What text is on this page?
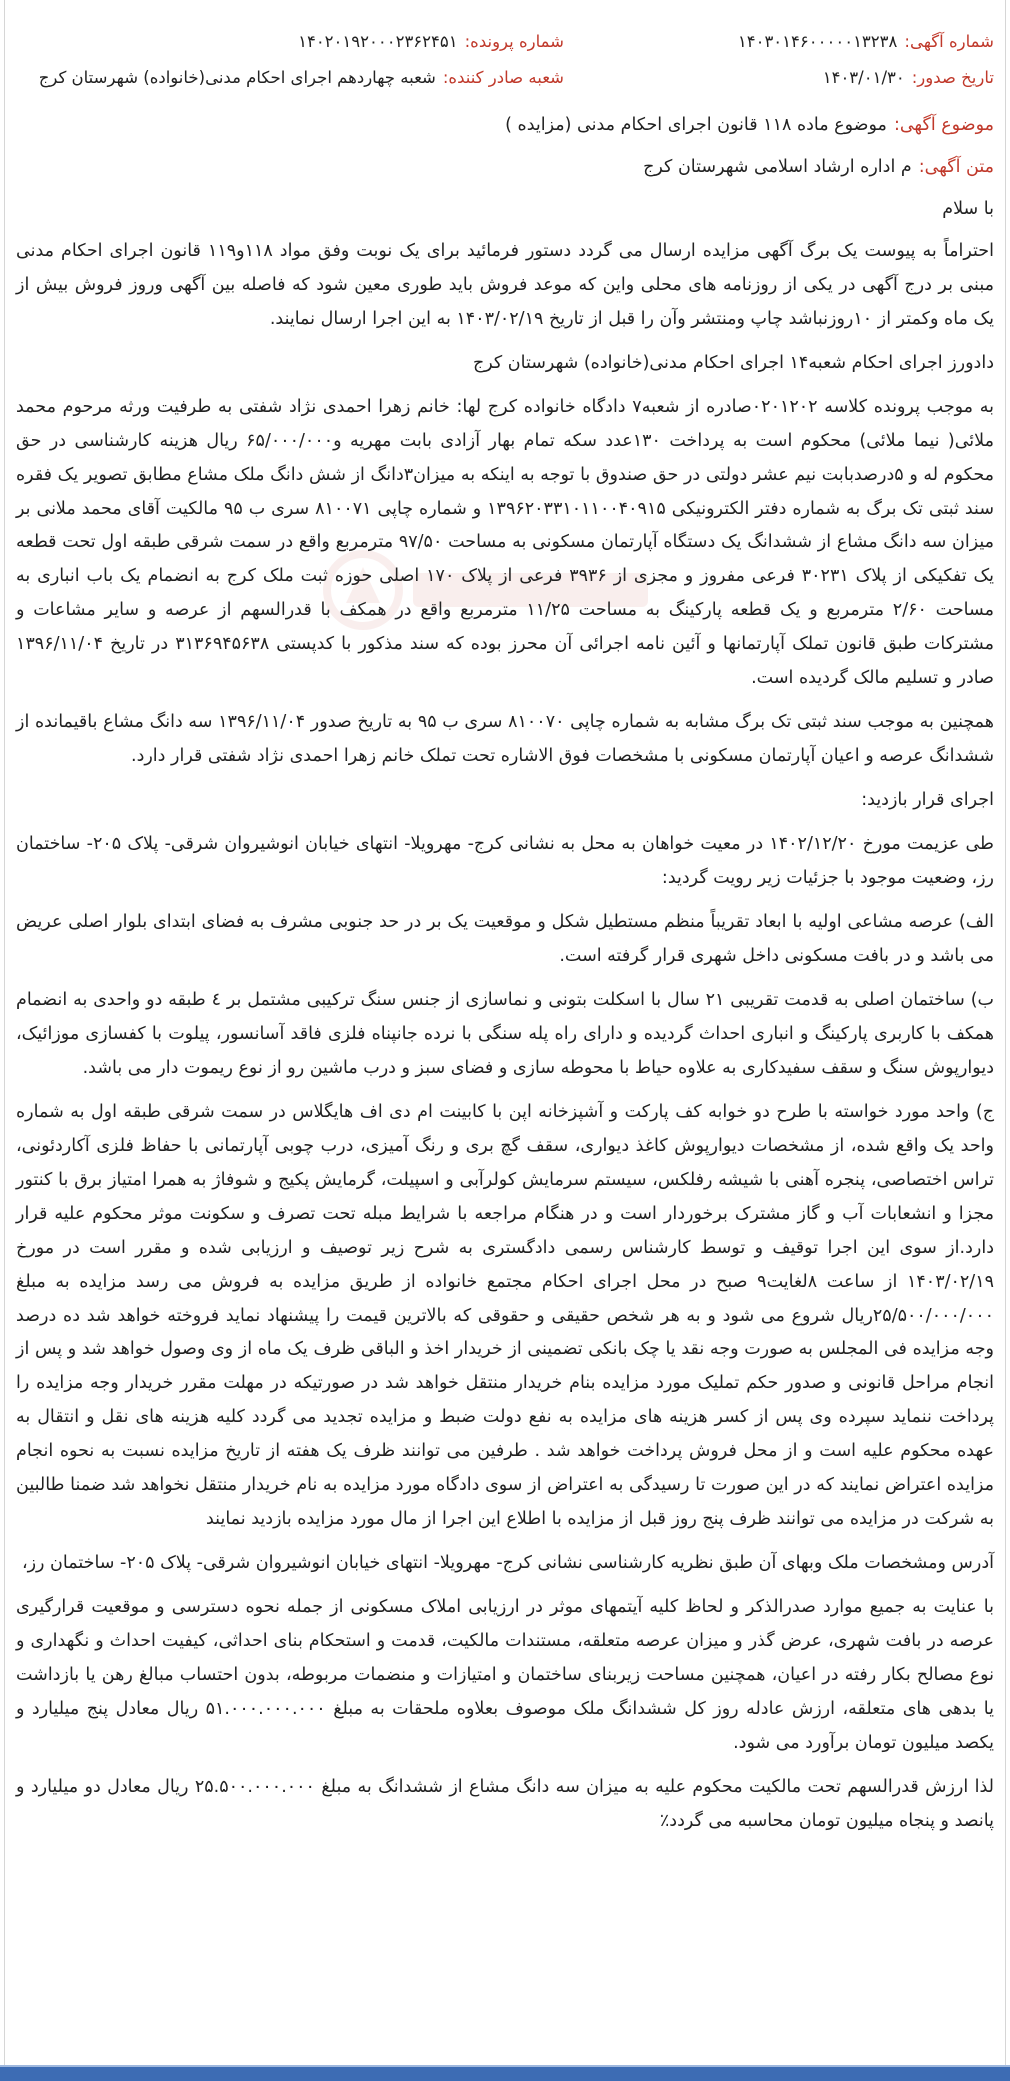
شماره آگهی:۱۴۰۳۰۱۴۶۰۰۰۰۰۱۳۲۳۸
شماره پرونده:۱۴۰۲۰۱۹۲۰۰۰۲۳۶۲۴۵۱
تاریخ صدور:۱۴۰۳/۰۱/۳۰
شعبه صادر کننده:شعبه چهاردهم اجرای احکام مدنی(خانواده) شهرستان کرج

موضوع آگهی:موضوع ماده ۱۱۸ قانون اجرای احکام مدنی (مزایده )

متن آگهی:م اداره ارشاد اسلامی شهرستان کرج

با سلام

احتراماً به پیوست یک برگ آگهی مزایده ارسال می گردد دستور فرمائید برای یک نوبت وفق مواد ۱۱۸و۱۱۹ قانون اجرای احکام مدنی مبنی بر درج آگهی در یکی از روزنامه های محلی واین که موعد فروش باید طوری معین شود که فاصله بین آگهی وروز فروش بیش از یک ماه وکمتر از ۱۰روزنباشد چاپ ومنتشر وآن را قبل از تاریخ ۱۴۰۳/۰۲/۱۹ به این اجرا ارسال نمایند.

دادورز اجرای احکام شعبه۱۴ اجرای احکام مدنی(خانواده) شهرستان کرج

به موجب پرونده کلاسه ۰۲۰۱۲۰۲صادره از شعبه۷ دادگاه خانواده کرج لها: خانم زهرا احمدی نژاد شفتی به طرفیت ورثه مرحوم محمد ملائی( نیما ملائی) محکوم است به پرداخت ۱۳۰عدد سکه تمام بهار آزادی بابت مهریه و۶۵/۰۰۰/۰۰۰ ریال هزینه کارشناسی در حق محکوم له و ۵درصدبابت نیم عشر دولتی در حق صندوق با توجه به اینکه به میزان۳دانگ از شش دانگ ملک مشاع مطابق تصویر یک فقره سند ثبتی تک برگ به شماره دفتر الکترونیکی ۱۳۹۶۲۰۳۳۱۰۱۱۰۰۴۰۹۱۵ و شماره چاپی ۸۱۰۰۷۱ سری ب ۹۵ مالکیت آقای محمد ملانی بر میزان سه دانگ مشاع از ششدانگ یک دستگاه آپارتمان مسکونی به مساحت ۹۷/۵۰ مترمربع واقع در سمت شرقی طبقه اول تحت قطعه یک تفکیکی از پلاک ۳۰۲۳۱ فرعی مفروز و مجزی از ۳۹۳۶ فرعی از پلاک ۱۷۰ اصلی حوزه ثبت ملک کرج به انضمام یک باب انباری به مساحت ۲/۶۰ مترمربع و یک قطعه پارکینگ به مساحت ۱۱/۲۵ مترمربع واقع در همکف با قدرالسهم از عرصه و سایر مشاعات و مشترکات طبق قانون تملک آپارتمانها و آئین نامه اجرائی آن محرز بوده که سند مذکور با کدپستی ۳۱۳۶۹۴۵۶۳۸ در تاریخ ۱۳۹۶/۱۱/۰۴ صادر و تسلیم مالک گردیده است.

همچنین به موجب سند ثبتی تک برگ مشابه به شماره چاپی ۸۱۰۰۷۰ سری ب ۹۵ به تاریخ صدور ۱۳۹۶/۱۱/۰۴ سه دانگ مشاع باقیمانده از ششدانگ عرصه و اعیان آپارتمان مسکونی با مشخصات فوق الاشاره تحت تملک خانم زهرا احمدی نژاد شفتی قرار دارد.

اجرای قرار بازدید:

طی عزیمت مورخ ۱۴۰۲/۱۲/۲۰ در معیت خواهان به محل به نشانی کرج- مهرویلا- انتهای خیابان انوشیروان شرقی- پلاک ۲۰۵- ساختمان رز، وضعیت موجود با جزئیات زیر رویت گردید:

الف) عرصه مشاعی اولیه با ابعاد تقریباً منظم مستطیل شکل و موقعیت یک بر در حد جنوبی مشرف به فضای ابتدای بلوار اصلی عریض می باشد و در بافت مسکونی داخل شهری قرار گرفته است.

ب) ساختمان اصلی به قدمت تقریبی ۲۱ سال با اسکلت بتونی و نماسازی از جنس سنگ ترکیبی مشتمل بر ٤ طبقه دو واحدی به انضمام همکف با کاربری پارکینگ و انباری احداث گردیده و دارای راه پله سنگی با نرده جانپناه فلزی فاقد آسانسور، پیلوت با کفسازی موزائیک، دیوارپوش سنگ و سقف سفیدکاری به علاوه حیاط با محوطه سازی و فضای سبز و درب ماشین رو از نوع ریموت دار می باشد.

ج) واحد مورد خواسته با طرح دو خوابه کف پارکت و آشپزخانه اپن با کابینت ام دی اف هایگلاس در سمت شرقی طبقه اول به شماره واحد یک واقع شده، از مشخصات دیوارپوش کاغذ دیواری، سقف گچ بری و رنگ آمیزی، درب چوبی آپارتمانی با حفاظ فلزی آکاردئونی، تراس اختصاصی، پنجره آهنی با شیشه رفلکس، سیستم سرمایش کولرآبی و اسپیلت، گرمایش پکیج و شوفاژ به همرا امتیاز برق با کنتور مجزا و انشعابات آب و گاز مشترک برخوردار است و در هنگام مراجعه با شرایط مبله تحت تصرف و سکونت موثر محکوم علیه قرار دارد.از سوی این اجرا توقیف و توسط کارشناس رسمی دادگستری به شرح زیر توصیف و ارزیابی شده و مقرر است در مورخ ۱۴۰۳/۰۲/۱۹ از ساعت ۸لغایت۹ صبح در محل اجرای احکام مجتمع خانواده از طریق مزایده به فروش می رسد مزایده به مبلغ ۲۵/۵۰۰/۰۰۰/۰۰۰ریال شروع می شود و به هر شخص حقیقی و حقوقی که بالاترین قیمت را پیشنهاد نماید فروخته خواهد شد ده درصد وجه مزایده فی المجلس به صورت وجه نقد یا چک بانکی تضمینی از خریدار اخذ و الباقی ظرف یک ماه از وی وصول خواهد شد و پس از انجام مراحل قانونی و صدور حکم تملیک مورد مزایده بنام خریدار منتقل خواهد شد در صورتیکه در مهلت مقرر خریدار وجه مزایده را پرداخت ننماید سپرده وی پس از کسر هزینه های مزایده به نفع دولت ضبط و مزایده تجدید می گردد کلیه هزینه های نقل و انتقال به عهده محکوم علیه است و از محل فروش پرداخت خواهد شد . طرفین می توانند ظرف یک هفته از تاریخ مزایده نسبت به نحوه انجام مزایده اعتراض نمایند که در این صورت تا رسیدگی به اعتراض از سوی دادگاه مورد مزایده به نام خریدار منتقل نخواهد شد ضمنا طالبین به شرکت در مزایده می توانند ظرف پنج روز قبل از مزایده با اطلاع این اجرا از مال مورد مزایده بازدید نمایند

آدرس ومشخصات ملک وبهای آن طبق نظریه کارشناسی نشانی کرج- مهرویلا- انتهای خیابان انوشیروان شرقی- پلاک ۲۰۵- ساختمان رز،

با عنایت به جمیع موارد صدرالذکر و لحاظ کلیه آیتمهای موثر در ارزیابی املاک مسکونی از جمله نحوه دسترسی و موقعیت قرارگیری عرصه در بافت شهری، عرض گذر و میزان عرصه متعلقه، مستندات مالکیت، قدمت و استحکام بنای احداثی، کیفیت احداث و نگهداری و نوع مصالح بکار رفته در اعیان، همچنین مساحت زیربنای ساختمان و امتیازات و منضمات مربوطه، بدون احتساب مبالغ رهن یا بازداشت یا بدهی های متعلقه، ارزش عادله روز کل ششدانگ ملک موصوف بعلاوه ملحقات به مبلغ ۵۱.۰۰۰.۰۰۰.۰۰۰ ریال معادل پنج میلیارد و یکصد میلیون تومان برآورد می شود.

لذا ارزش قدرالسهم تحت مالکیت محکوم علیه به میزان سه دانگ مشاع از ششدانگ به مبلغ ۲۵.۵۰۰.۰۰۰.۰۰۰ ریال معادل دو میلیارد و پانصد و پنجاه میلیون تومان محاسبه می گردد٪
